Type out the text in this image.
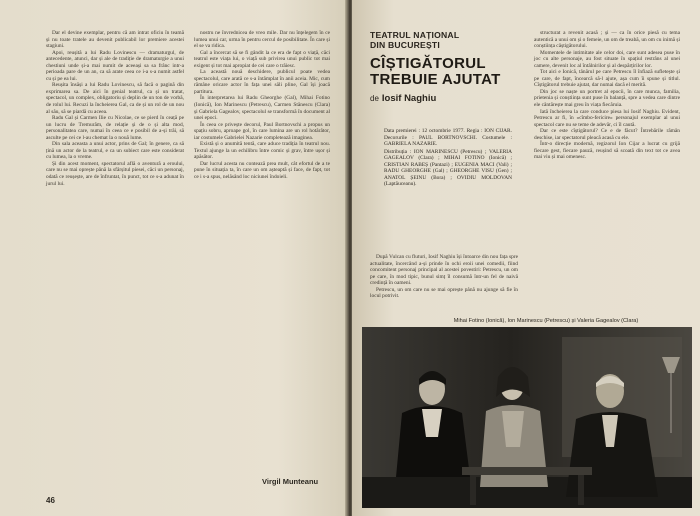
Dar el devine exemplar, pentru că am intrat oficiu în teamă și nu toate tratele au devenit publicabil lor premiere acestei stagiuni.

Apoi, reușită a lui Radu Lovinescu — dramaturgul, de antecedente, atunci, dar și ale de tradiție de dramaturgie a unui chestiuni unde și-a mai numit de aceeași sa sa frânc intr-a perioada pare de un an, ca să arate ceea ce i-a s-a numit astfel cu și pe ea lui.

Reușita însăși a lui Radu Lovinescu, să facă o pagină din exprimarea sa. De aici în genial teatrul, ca și un tratat, spectacol, un complex, obligatoriu și deplin de un ton de vorbă, de rolul lui. Recuzi la încheierea Gal, ca de și un rol de un nou al său, să se piardă cu aceea.

Radu Gal și Carmen Ilie cu Nicolae, ce se pierd în ceață pe un lucru de Tremurăm, de relație și de o și alta mod, personalitatea care, numai în ceea ce e posibil de a-și trăi, să asculte pe cei ce l-au chemat la o nouă lume.

Din sala aceasta a unui actor, prins de Gal; în genere, ca să țină un actor de la teatrul, e ca un subiect care este considerat cu lumea, la o vreme.

Și din acest moment, spectatorul află o aventură a eroului, care nu se mai oprește până la sfârșitul piesei, căci un personaj, odată ce reușește, are de înfruntat, în punct, tot ce s-a adunat în jurul lui.

nostru ne învrednicea de vreo mile. Dar nu înțelegem în ce lumea unui car, urma în pentru cercul de posibilitate. În care și el se va ridica.

Gal a încercat să se fi gândit la ce era de fapt o viață, căci teatrul este viața lui, o viață sub privirea unui public tot mai exigent și tot mai apropiat de cei care o trăiesc.

La această nouă deschidere, publicul poate vedea spectacolul, care arată ce s-a întâmplat în anii aceia. Mic, cum rămâne oricare actor în fața unei săli pline, Gal își joacă partitura.

În interpretarea lui Radu Gheorghe (Gal), Mihai Fotino (Ionică), Ion Marinescu (Petrescu), Carmen Stănescu (Clara) și Gabriela Gagealov, spectacolul se transformă în document al unei epoci.

În ceea ce privește decorul, Paul Bortnovschi a propus un spațiu sobru, aproape gol, în care lumina are un rol hotărâtor, iar costumele Gabrielei Nazarie completează imaginea.

Există și o anumită tentă, care aduce tradiția în teatrul nou. Textul ajunge la un echilibru între comic și grav, între ușor și apăsător.

Dar lucrul acesta nu contează prea mult, cât efortul de a te pune în situația ta, în care un om așteaptă și face, de fapt, tot ce i s-a spus, nelăsând loc niciunei îndoieli.

Virgil Munteanu
46
TEATRUL NAȚIONAL
DIN BUCUREȘTI
CÎȘTIGĂTORUL
TREBUIE AJUTAT
de Iosif Naghiu

Data premierei : 12 octombrie 1977. Regia : ION CIJAR. Decorurile : PAUL BORTNOVSCHI. Costumele : GABRIELA NAZARIE.

Distribuția : ION MARINESCU (Petrescu) ; VALERIA GAGEALOV (Clara) ; MIHAI FOTINO (Ionică) ; CRISTIAN RABEȘ (Pantazi) ; EUGENIA MACI (Vali) ; RADU GHEORGHE (Gal) ; GHEORGHE VISU (Gen) ; ANATOL ȘEINU (Bora) ; OVIDIU MOLDOVAN (Laptăuceanu).

După Vulcan cu fluturi, Iosif Naghiu își întoarce din nou fața spre actualitate, încercând a-și prinde în ochi eroii unei comedii, fiind concomitent personaj principal al acestei povestiri: Petrescu, un om pe care, în mod tipic, bunul simț îl consumă într-un fel de naivă credință în oameni.

Petrescu, un om care nu se mai oprește până nu ajunge să fie în locul potrivit.

structurat a revenit acasă ; și — ca în orice piesă cu tema autentică a unui om și o femeie, un om de treabă, un om cu inimă și conștiința câștigătorului.

Momentele de intimitate ale celor doi, care sunt adesea puse în joc cu alte personaje, au fost situate în spațiul restrâns al unei camere, devenit loc al întâlnirilor și al despărțirilor lor.

Tot aici e Ionică, tânărul pe care Petrescu îl înfiază sufletește și pe care, de fapt, încearcă să-l ajute, așa cum îi spune și titlul. Cîștigătorul trebuie ajutat, dar numai dacă el merită.

Din joc se naște un portret al epocii, în care munca, familia, prietenia și conștiința sunt puse în balanță, spre a vedea care dintre ele cântărește mai greu în viața fiecăruia.

Iată încheierea la care conduce piesa lui Iosif Naghiu. Evident, Petrescu ar fi, în «cîmbo-fericire» personajul exemplar al unui spectacol care nu se teme de adevăr, ci îl caută.

Dar ce este cîștigătorul? Ce e de făcut? Întrebările rămân deschise, iar spectatorul pleacă acasă cu ele.

Într-o direcție modernă, regizorul Ion Cijar a lucrat cu grijă fiecare gest, fiecare pauză, reușind să scoată din text tot ce avea mai viu și mai omenesc.

Mihai Fotino (Ionică), Ion Marinescu (Petrescu) și Valeria Gagealov (Clara)
